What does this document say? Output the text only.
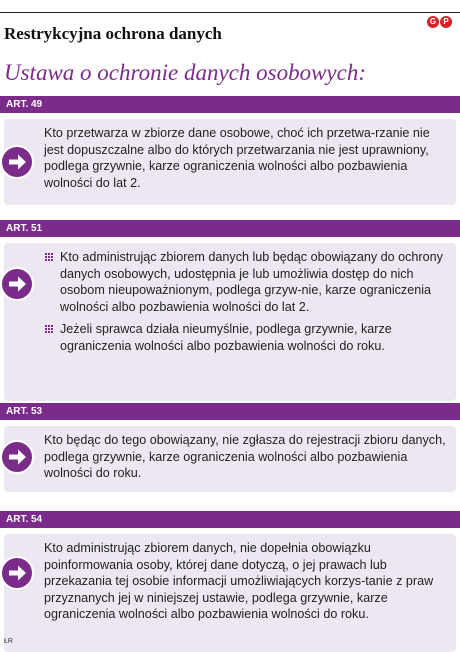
G P
Restrykcyjna ochrona danych
Ustawa o ochronie danych osobowych:
ART. 49

Kto przetwarza w zbiorze dane osobowe, choć ich przetwa-rzanie nie jest dopuszczalne albo do których przetwarzania nie jest uprawniony, podlega grzywnie, karze ograniczenia wolności albo pozbawienia wolności do lat 2.

ART. 51

Kto administrując zbiorem danych lub będąc obowiązany do ochrony danych osobowych, udostępnia je lub umożliwia dostęp do nich osobom nieupoważnionym, podlega grzyw-nie, karze ograniczenia wolności albo pozbawienia wolności do lat 2.

Jeżeli sprawca działa nieumyślnie, podlega grzywnie, karze ograniczenia wolności albo pozbawienia wolności do roku.

ART. 53

Kto będąc do tego obowiązany, nie zgłasza do rejestracji zbioru danych, podlega grzywnie, karze ograniczenia wolności albo pozbawienia wolności do roku.

ART. 54

Kto administrując zbiorem danych, nie dopełnia obowiązku poinformowania osoby, której dane dotyczą, o jej prawach lub przekazania tej osobie informacji umożliwiających korzys-tanie z praw przyznanych jej w niniejszej ustawie, podlega grzywnie, karze ograniczenia wolności albo pozbawienia wolności do roku.

ŁR
